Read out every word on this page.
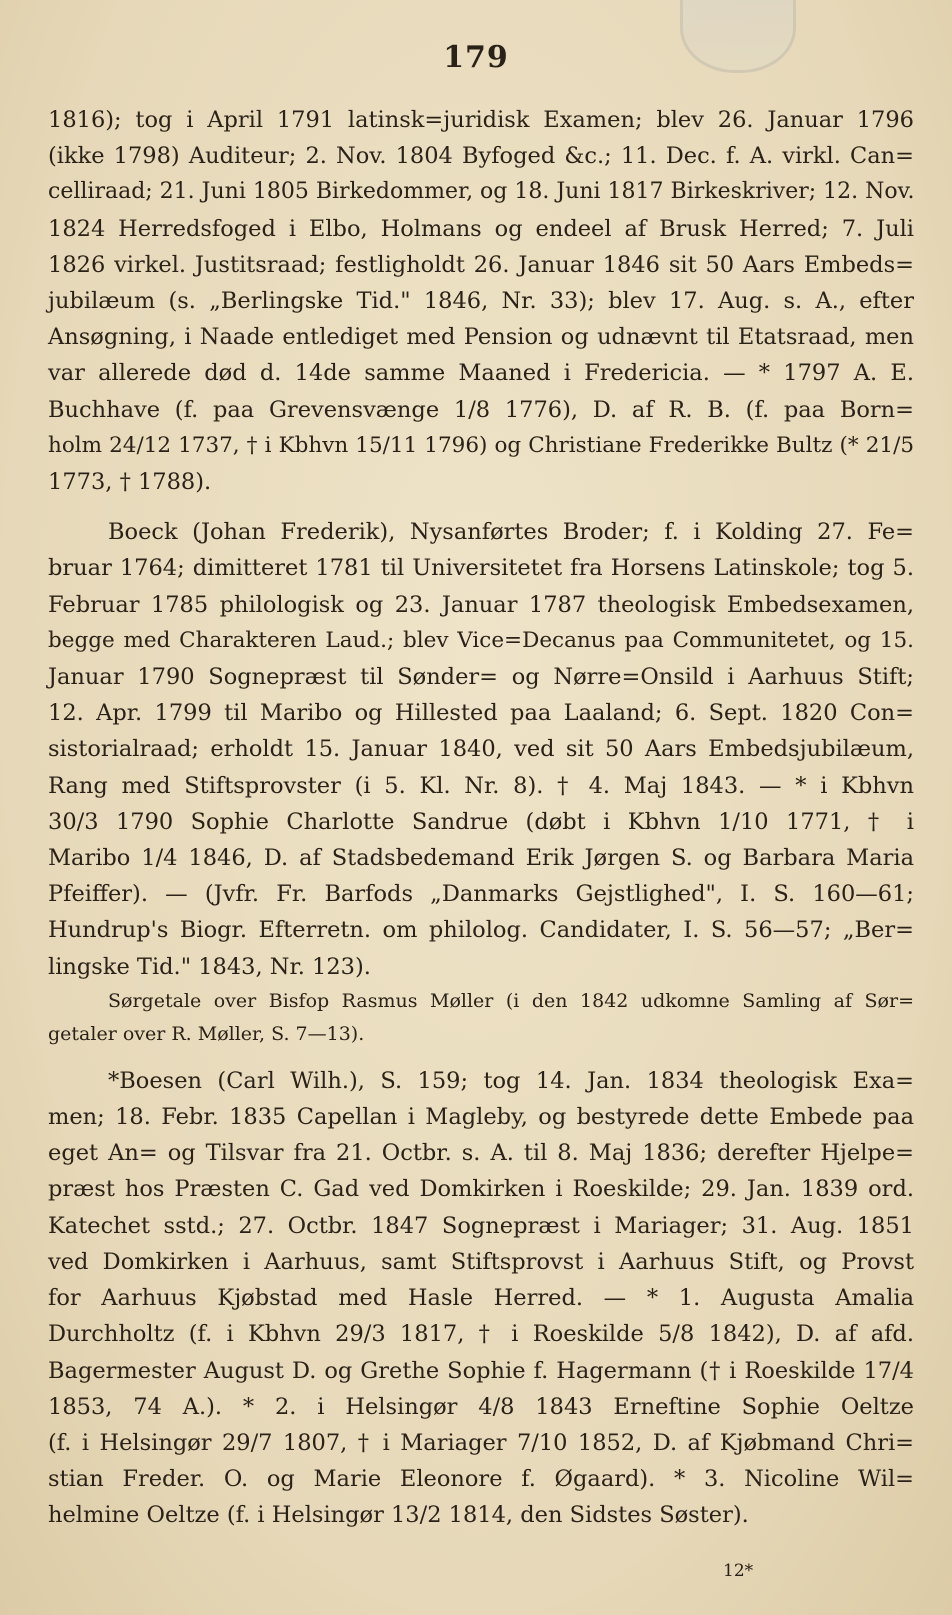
179
1816); tog i April 1791 latinsk=juridisk Examen; blev 26. Januar 1796
(ikke 1798) Auditeur; 2. Nov. 1804 Byfoged &c.; 11. Dec. f. A. virkl. Can=
celliraad; 21. Juni 1805 Birkedommer, og 18. Juni 1817 Birkeskriver; 12. Nov.
1824 Herredsfoged i Elbo, Holmans og endeel af Brusk Herred; 7. Juli
1826 virkel. Justitsraad; festligholdt 26. Januar 1846 sit 50 Aars Embeds=
jubilæum (s. „Berlingske Tid." 1846, Nr. 33); blev 17. Aug. s. A., efter
Ansøgning, i Naade entlediget med Pension og udnævnt til Etatsraad, men
var allerede død d. 14de samme Maaned i Fredericia. — * 1797 A. E.
Buchhave (f. paa Grevensvænge 1/8 1776), D. af R. B. (f. paa Born=
holm 24/12 1737, † i Kbhvn 15/11 1796) og Christiane Frederikke Bultz (* 21/5
1773, † 1788).
Boeck (Johan Frederik), Nysanførtes Broder; f. i Kolding 27. Fe=
bruar 1764; dimitteret 1781 til Universitetet fra Horsens Latinskole; tog 5.
Februar 1785 philologisk og 23. Januar 1787 theologisk Embedsexamen,
begge med Charakteren Laud.; blev Vice=Decanus paa Communitetet, og 15.
Januar 1790 Sognepræst til Sønder= og Nørre=Onsild i Aarhuus Stift;
12. Apr. 1799 til Maribo og Hillested paa Laaland; 6. Sept. 1820 Con=
sistorialraad; erholdt 15. Januar 1840, ved sit 50 Aars Embedsjubilæum,
Rang med Stiftsprovster (i 5. Kl. Nr. 8). † 4. Maj 1843. — * i Kbhvn
30/3 1790 Sophie Charlotte Sandrue (døbt i Kbhvn 1/10 1771, † i
Maribo 1/4 1846, D. af Stadsbedemand Erik Jørgen S. og Barbara Maria
Pfeiffer). — (Jvfr. Fr. Barfods „Danmarks Gejstlighed", I. S. 160—61;
Hundrup's Biogr. Efterretn. om philolog. Candidater, I. S. 56—57; „Ber=
lingske Tid." 1843, Nr. 123).
Sørgetale over Bisfop Rasmus Møller (i den 1842 udkomne Samling af Sør=
getaler over R. Møller, S. 7—13).
*Boesen (Carl Wilh.), S. 159; tog 14. Jan. 1834 theologisk Exa=
men; 18. Febr. 1835 Capellan i Magleby, og bestyrede dette Embede paa
eget An= og Tilsvar fra 21. Octbr. s. A. til 8. Maj 1836; derefter Hjelpe=
præst hos Præsten C. Gad ved Domkirken i Roeskilde; 29. Jan. 1839 ord.
Katechet sstd.; 27. Octbr. 1847 Sognepræst i Mariager; 31. Aug. 1851
ved Domkirken i Aarhuus, samt Stiftsprovst i Aarhuus Stift, og Provst
for Aarhuus Kjøbstad med Hasle Herred. — * 1. Augusta Amalia
Durchholtz (f. i Kbhvn 29/3 1817, † i Roeskilde 5/8 1842), D. af afd.
Bagermester August D. og Grethe Sophie f. Hagermann († i Roeskilde 17/4
1853, 74 A.). * 2. i Helsingør 4/8 1843 Erneftine Sophie Oeltze
(f. i Helsingør 29/7 1807, † i Mariager 7/10 1852, D. af Kjøbmand Chri=
stian Freder. O. og Marie Eleonore f. Øgaard). * 3. Nicoline Wil=
helmine Oeltze (f. i Helsingør 13/2 1814, den Sidstes Søster).
12*
